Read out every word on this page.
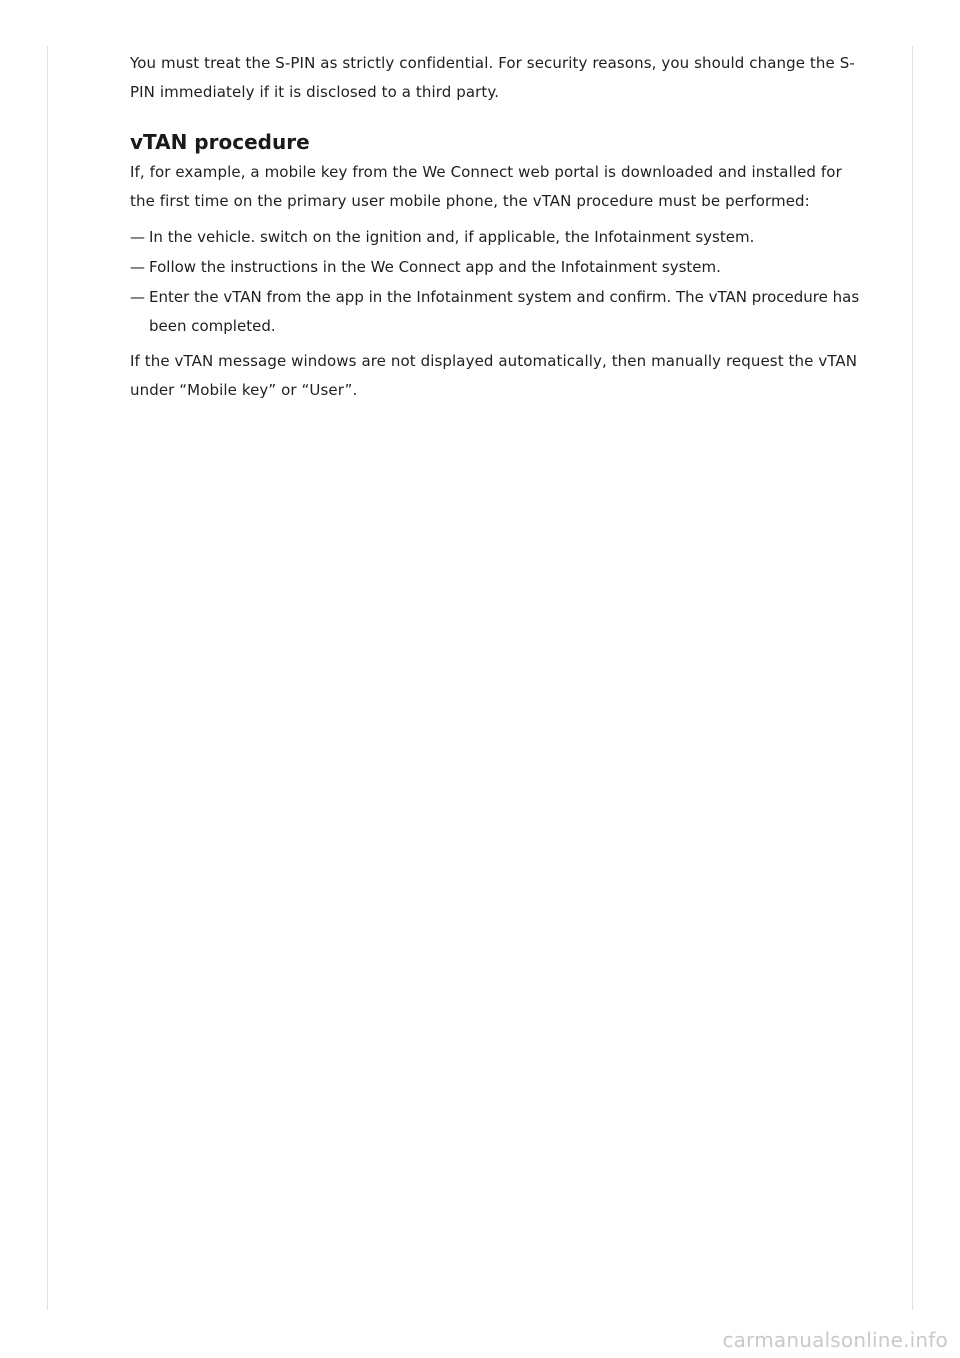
You must treat the S-PIN as strictly confidential. For security reasons, you should change the S-PIN immediately if it is disclosed to a third party.

vTAN procedure

If, for example, a mobile key from the We Connect web portal is downloaded and installed for the first time on the primary user mobile phone, the vTAN procedure must be performed:

— In the vehicle. switch on the ignition and, if applicable, the Infotainment system.
— Follow the instructions in the We Connect app and the Infotainment system.
— Enter the vTAN from the app in the Infotainment system and confirm. The vTAN procedure has been completed.

If the vTAN message windows are not displayed automatically, then manually request the vTAN under “Mobile key” or “User”.

carmanualsonline.info
